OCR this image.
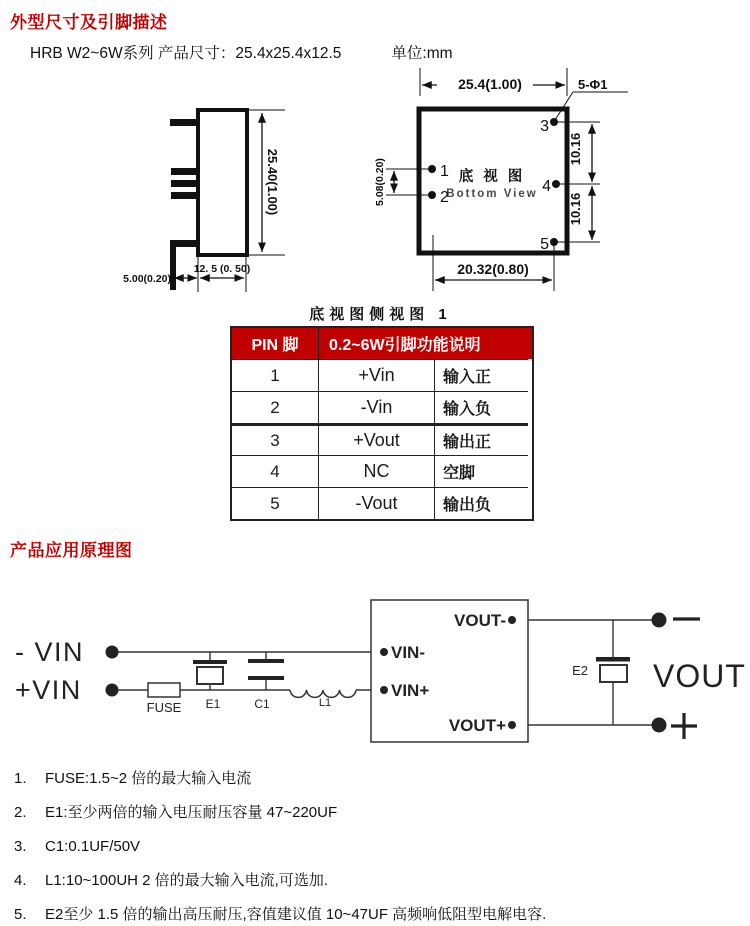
外型尺寸及引脚描述
HRB W2~6W系列 产品尺寸：25.4x25.4x12.5	单位:mm
5.00(0.20)
12. 5 (0. 50)
25.40(1.00)
25.4(1.00)	5-Φ1
5.08(0.20)
10.16
10.16
20.32(0.80)
底 视 图
Bottom View
1
2
3
4
5
- VIN
+VIN
FUSE E1	C1	L1
E2
VIN-
VIN+
VOUT-
VOUT+
VOUT
底视图侧视图 1
PIN 脚	0.2~6W引脚功能说明
1	+Vin	输入正
2	-Vin	输入负
3	+Vout	输出正
4	NC	空脚
5	-Vout	输出负
产品应用原理图
1.	FUSE:1.5~2 倍的最大输入电流
2.	E1:至少两倍的输入电压耐压容量 47~220UF
3.	C1:0.1UF/50V
4.	L1:10~100UH 2 倍的最大输入电流,可选加.
5.	E2至少 1.5 倍的输出高压耐压,容值建议值 10~47UF 高频响低阻型电解电容.
